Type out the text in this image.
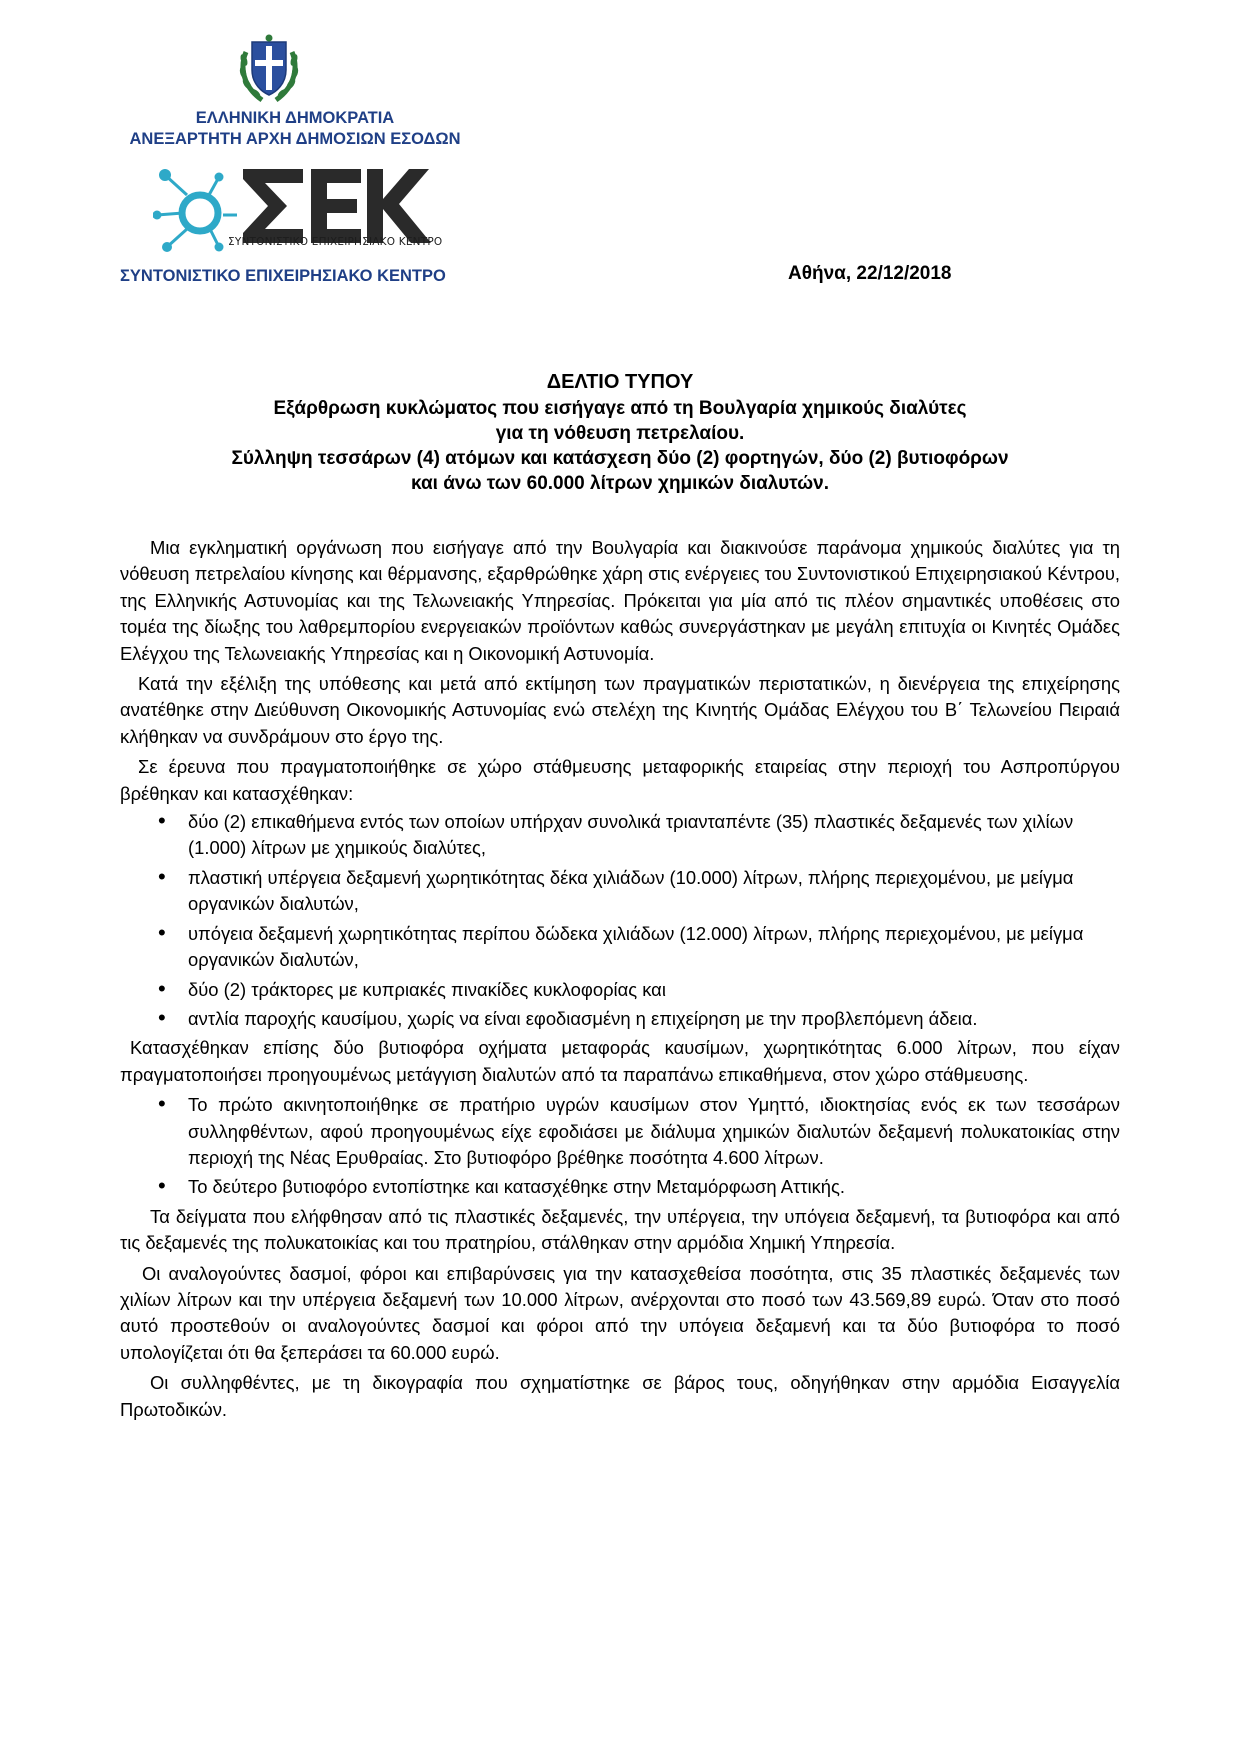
ΕΛΛΗΝΙΚΗ ΔΗΜΟΚΡΑΤΙΑ
ΑΝΕΞΑΡΤΗΤΗ ΑΡΧΗ ΔΗΜΟΣΙΩΝ ΕΣΟΔΩΝ
ΣΥΝΤΟΝΙΣΤΙΚΟ ΕΠΙΧΕΙΡΗΣΙΑΚΟ ΚΕΝΤΡΟ
ΣΥΝΤΟΝΙΣΤΙΚΟ ΕΠΙΧΕΙΡΗΣΙΑΚΟ ΚΕΝΤΡΟ	Αθήνα, 22/12/2018
ΔΕΛΤΙΟ ΤΥΠΟΥ
Εξάρθρωση κυκλώματος που εισήγαγε από τη Βουλγαρία χημικούς διαλύτες
για τη νόθευση πετρελαίου.
Σύλληψη τεσσάρων (4) ατόμων και κατάσχεση δύο (2) φορτηγών, δύο (2) βυτιοφόρων
και άνω των 60.000 λίτρων χημικών διαλυτών.

Μια εγκληματική οργάνωση που εισήγαγε από την Βουλγαρία και διακινούσε παράνομα χημικούς διαλύτες για τη νόθευση πετρελαίου κίνησης και θέρμανσης, εξαρθρώθηκε χάρη στις ενέργειες του Συντονιστικού Επιχειρησιακού Κέντρου, της Ελληνικής Αστυνομίας και της Τελωνειακής Υπηρεσίας. Πρόκειται για μία από τις πλέον σημαντικές υποθέσεις στο τομέα της δίωξης του λαθρεμπορίου ενεργειακών προϊόντων καθώς συνεργάστηκαν με μεγάλη επιτυχία οι Κινητές Ομάδες Ελέγχου της Τελωνειακής Υπηρεσίας και η Οικονομική Αστυνομία.

Κατά την εξέλιξη της υπόθεσης και μετά από εκτίμηση των πραγματικών περιστατικών, η διενέργεια της επιχείρησης ανατέθηκε στην Διεύθυνση Οικονομικής Αστυνομίας ενώ στελέχη της Κινητής Ομάδας Ελέγχου του Β΄ Τελωνείου Πειραιά κλήθηκαν να συνδράμουν στο έργο της.

Σε έρευνα που πραγματοποιήθηκε σε χώρο στάθμευσης μεταφορικής εταιρείας στην περιοχή του Ασπροπύργου βρέθηκαν και κατασχέθηκαν:

• δύο (2) επικαθήμενα εντός των οποίων υπήρχαν συνολικά τριανταπέντε (35) πλαστικές δεξαμενές των χιλίων (1.000) λίτρων με χημικούς διαλύτες,
• πλαστική υπέργεια δεξαμενή χωρητικότητας δέκα χιλιάδων (10.000) λίτρων, πλήρης περιεχομένου, με μείγμα οργανικών διαλυτών,
• υπόγεια δεξαμενή χωρητικότητας περίπου δώδεκα χιλιάδων (12.000) λίτρων, πλήρης περιεχομένου, με μείγμα οργανικών διαλυτών,
• δύο (2) τράκτορες με κυπριακές πινακίδες κυκλοφορίας και
• αντλία παροχής καυσίμου, χωρίς να είναι εφοδιασμένη η επιχείρηση με την προβλεπόμενη άδεια.

Κατασχέθηκαν επίσης δύο βυτιοφόρα οχήματα μεταφοράς καυσίμων, χωρητικότητας 6.000 λίτρων, που είχαν πραγματοποιήσει προηγουμένως μετάγγιση διαλυτών από τα παραπάνω επικαθήμενα, στον χώρο στάθμευσης.

• Το πρώτο ακινητοποιήθηκε σε πρατήριο υγρών καυσίμων στον Υμηττό, ιδιοκτησίας ενός εκ των τεσσάρων συλληφθέντων, αφού προηγουμένως είχε εφοδιάσει με διάλυμα χημικών διαλυτών δεξαμενή πολυκατοικίας στην περιοχή της Νέας Ερυθραίας. Στο βυτιοφόρο βρέθηκε ποσότητα 4.600 λίτρων.
• Το δεύτερο βυτιοφόρο εντοπίστηκε και κατασχέθηκε στην Μεταμόρφωση Αττικής.

Τα δείγματα που ελήφθησαν από τις πλαστικές δεξαμενές, την υπέργεια, την υπόγεια δεξαμενή, τα βυτιοφόρα και από τις δεξαμενές της πολυκατοικίας και του πρατηρίου, στάλθηκαν στην αρμόδια Χημική Υπηρεσία.

Οι αναλογούντες δασμοί, φόροι και επιβαρύνσεις για την κατασχεθείσα ποσότητα, στις 35 πλαστικές δεξαμενές των χιλίων λίτρων και την υπέργεια δεξαμενή των 10.000 λίτρων, ανέρχονται στο ποσό των 43.569,89 ευρώ. Όταν στο ποσό αυτό προστεθούν οι αναλογούντες δασμοί και φόροι από την υπόγεια δεξαμενή και τα δύο βυτιοφόρα το ποσό υπολογίζεται ότι θα ξεπεράσει τα 60.000 ευρώ.

Οι συλληφθέντες, με τη δικογραφία που σχηματίστηκε σε βάρος τους, οδηγήθηκαν στην αρμόδια Εισαγγελία Πρωτοδικών.
